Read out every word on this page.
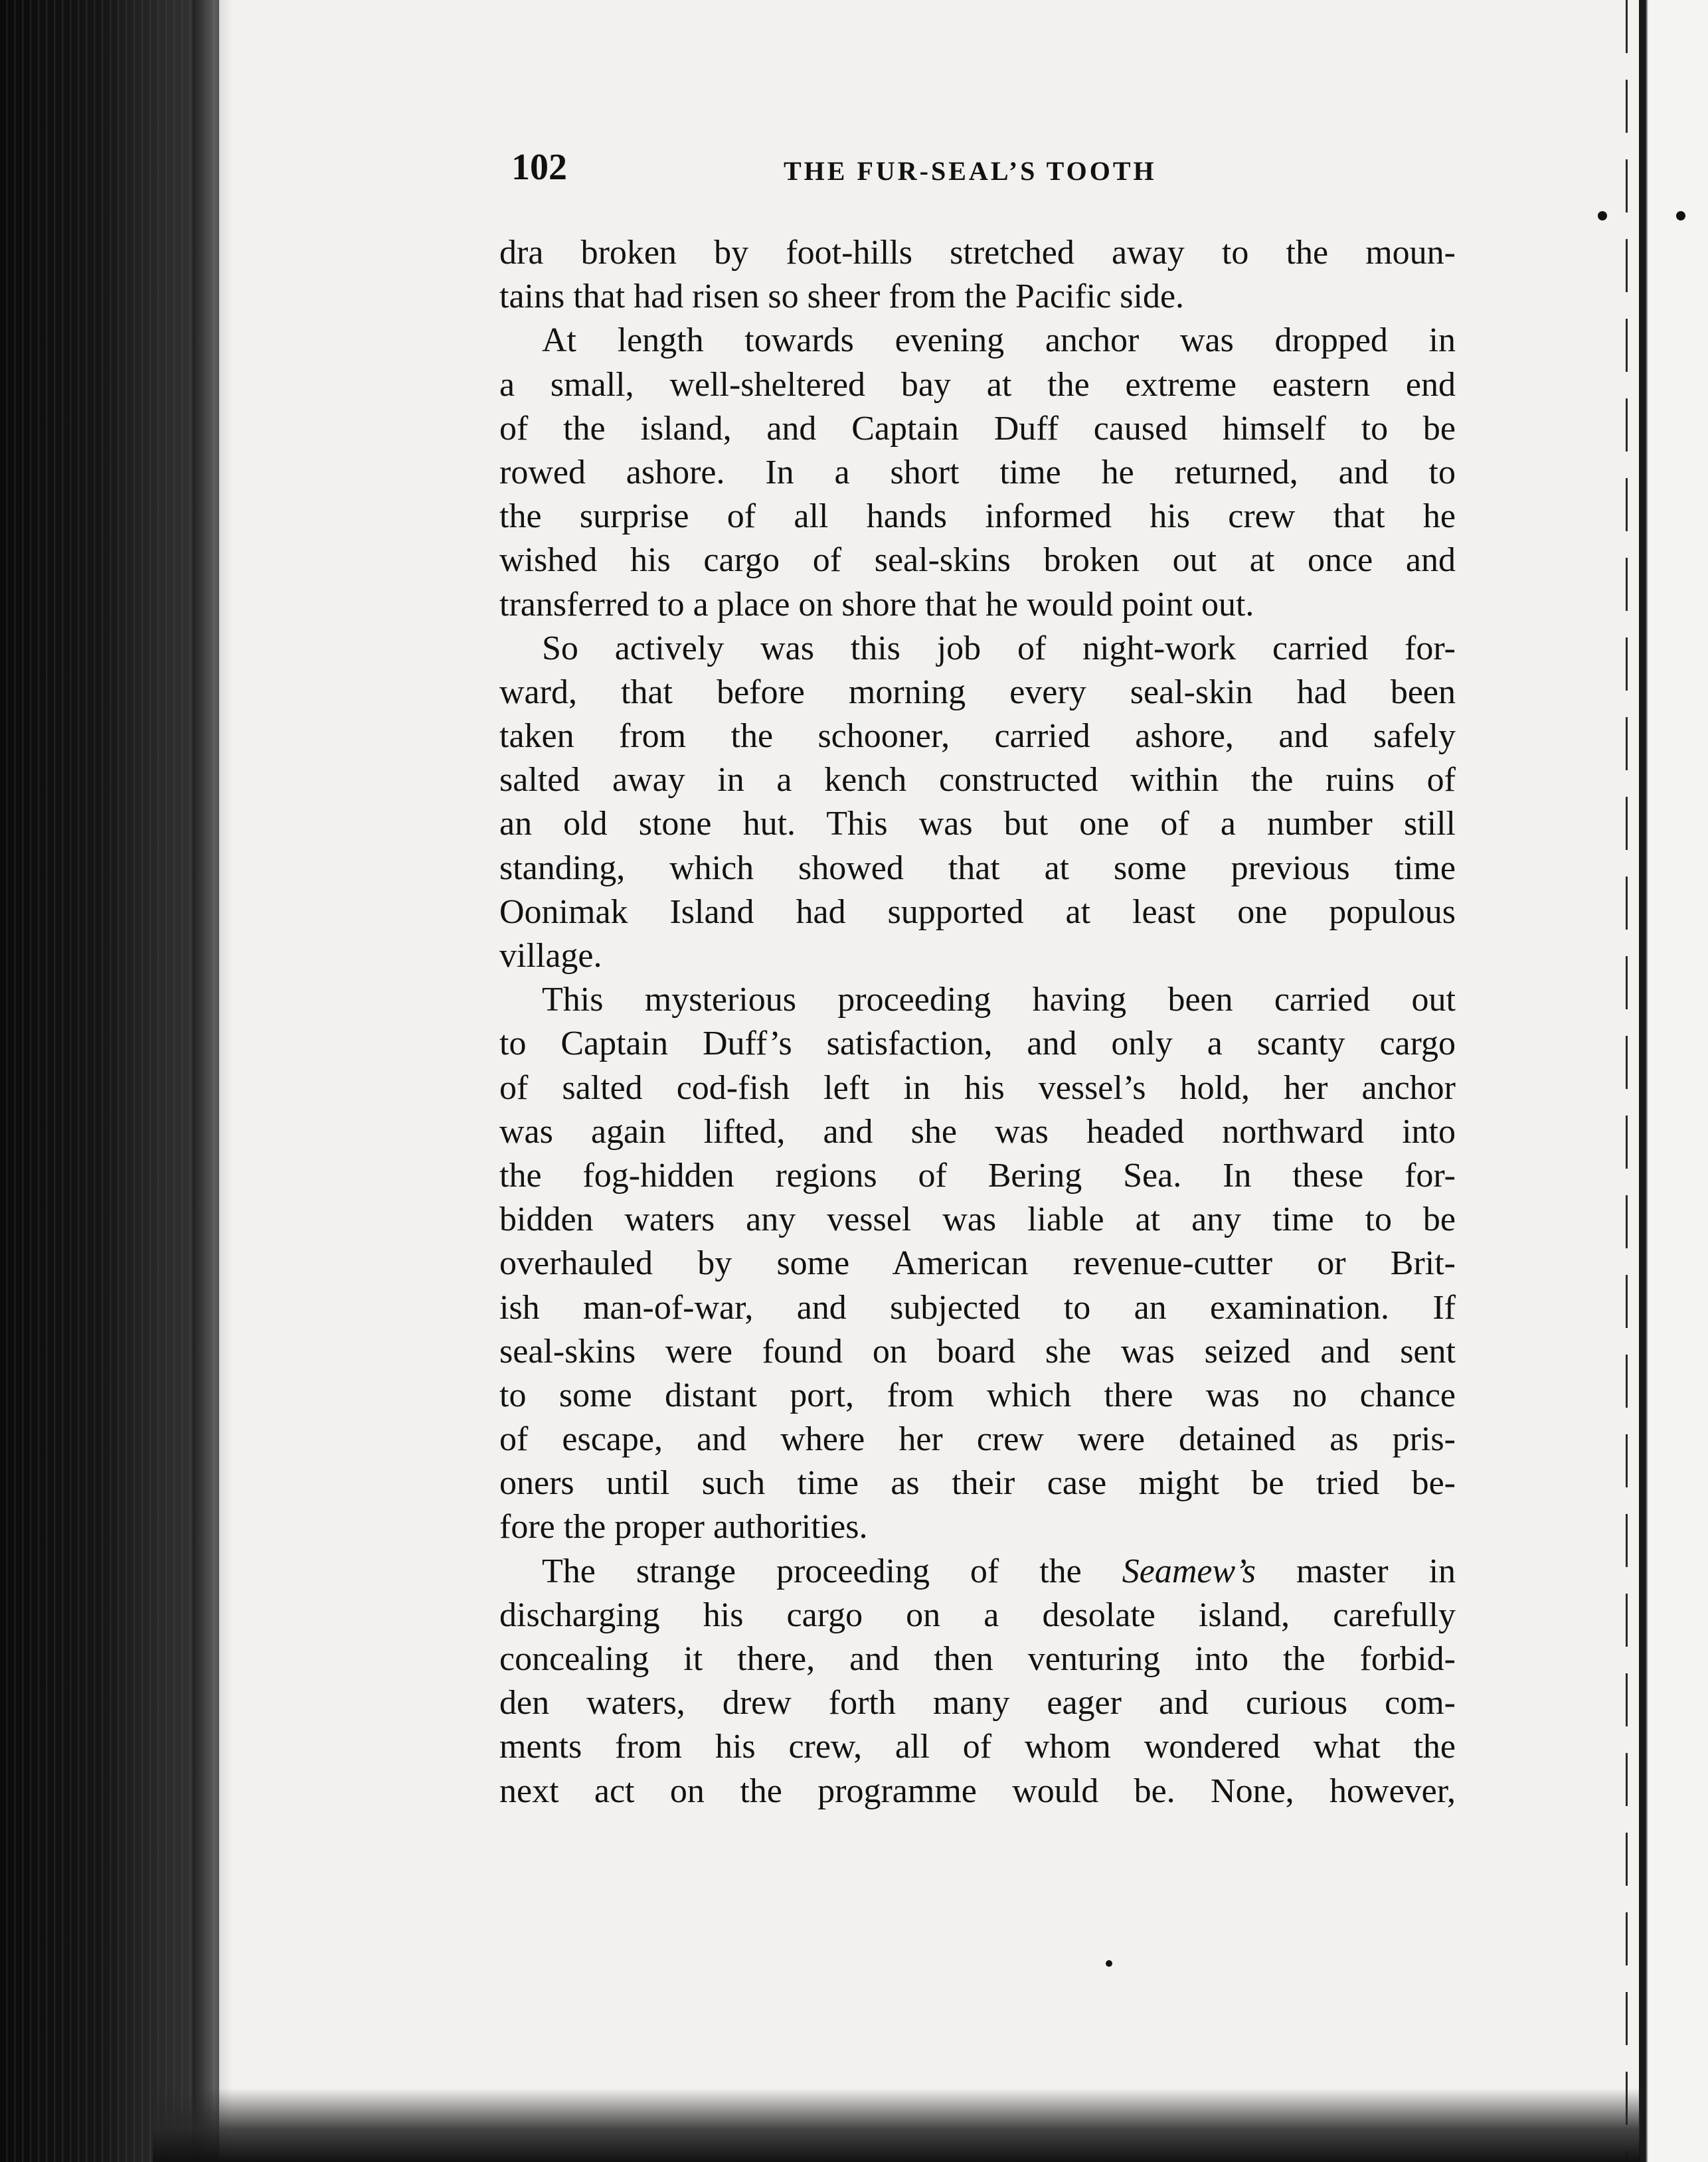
102	THE FUR-SEAL’S TOOTH
dra broken by foot-hills stretched away to the moun-
tains that had risen so sheer from the Pacific side.
At length towards evening anchor was dropped in
a small, well-sheltered bay at the extreme eastern end
of the island, and Captain Duff caused himself to be
rowed ashore. In a short time he returned, and to
the surprise of all hands informed his crew that he
wished his cargo of seal-skins broken out at once and
transferred to a place on shore that he would point out.
So actively was this job of night-work carried for-
ward, that before morning every seal-skin had been
taken from the schooner, carried ashore, and safely
salted away in a kench constructed within the ruins of
an old stone hut. This was but one of a number still
standing, which showed that at some previous time
Oonimak Island had supported at least one populous
village.
This mysterious proceeding having been carried out
to Captain Duff’s satisfaction, and only a scanty cargo
of salted cod-fish left in his vessel’s hold, her anchor
was again lifted, and she was headed northward into
the fog-hidden regions of Bering Sea. In these for-
bidden waters any vessel was liable at any time to be
overhauled by some American revenue-cutter or Brit-
ish man-of-war, and subjected to an examination. If
seal-skins were found on board she was seized and sent
to some distant port, from which there was no chance
of escape, and where her crew were detained as pris-
oners until such time as their case might be tried be-
fore the proper authorities.
The strange proceeding of the Seamew’s master in
discharging his cargo on a desolate island, carefully
concealing it there, and then venturing into the forbid-
den waters, drew forth many eager and curious com-
ments from his crew, all of whom wondered what the
next act on the programme would be. None, however,
